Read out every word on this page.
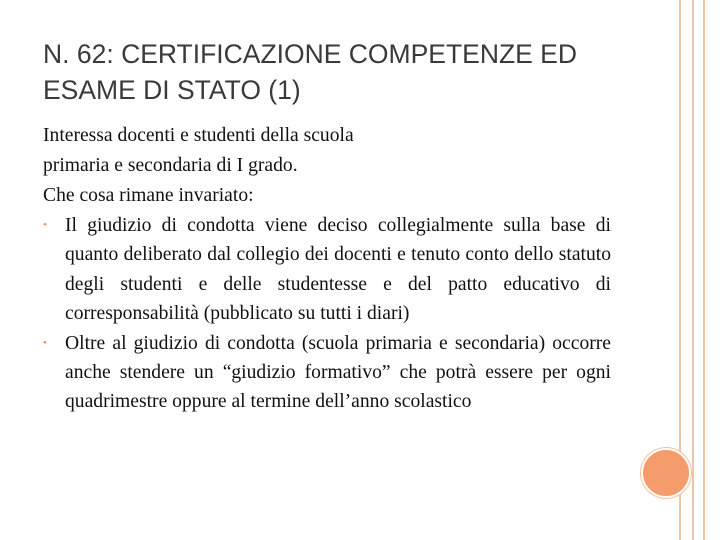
N. 62: CERTIFICAZIONE COMPETENZE ED ESAME DI STATO (1)

Interessa docenti e studenti della scuola

primaria e secondaria di I grado.

Che cosa rimane invariato:

• Il giudizio di condotta viene deciso collegialmente sulla base di quanto deliberato dal collegio dei docenti e tenuto conto dello statuto degli studenti e delle studentesse e del patto educativo di corresponsabilità (pubblicato su tutti i diari)
• Oltre al giudizio di condotta (scuola primaria e secondaria) occorre anche stendere un “giudizio formativo” che potrà essere per ogni quadrimestre oppure al termine dell’anno scolastico
